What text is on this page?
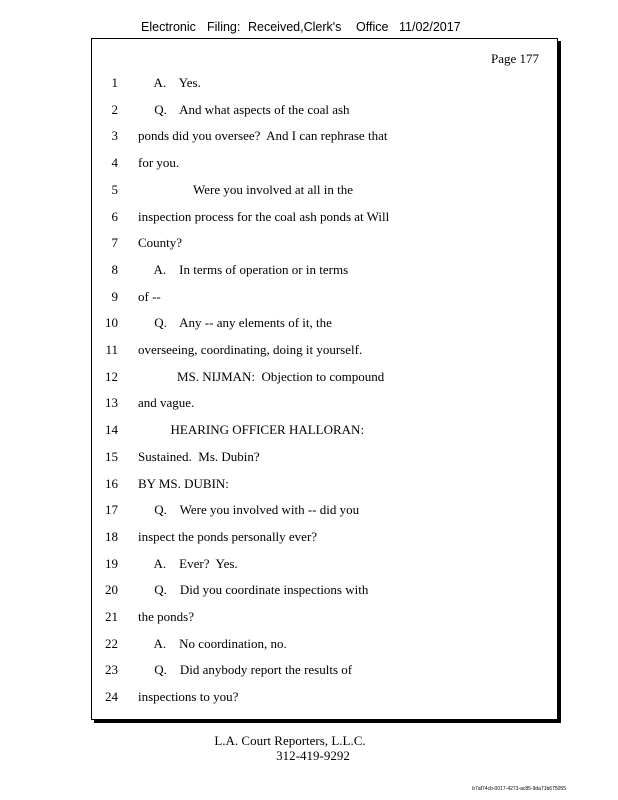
Electronic Filing: Received,Clerk's Office 11/02/2017
Page 177
1 A.    Yes.
2 Q.    And what aspects of the coal ash
3 ponds did you oversee?  And I can rephrase that
4 for you.
5 Were you involved at all in the
6 inspection process for the coal ash ponds at Will
7 County?
8 A.    In terms of operation or in terms
9 of --
10 Q.    Any -- any elements of it, the
11 overseeing, coordinating, doing it yourself.
12 MS. NIJMAN:  Objection to compound
13 and vague.
14 HEARING OFFICER HALLORAN:
15 Sustained.  Ms. Dubin?
16 BY MS. DUBIN:
17 Q.    Were you involved with -- did you
18 inspect the ponds personally ever?
19 A.    Ever?  Yes.
20 Q.    Did you coordinate inspections with
21 the ponds?
22 A.    No coordination, no.
23 Q.    Did anybody report the results of
24 inspections to you?
L.A. Court Reporters, L.L.C.
312-419-9292
b7af74cb-0017-4273-ac85-9da71b675055
